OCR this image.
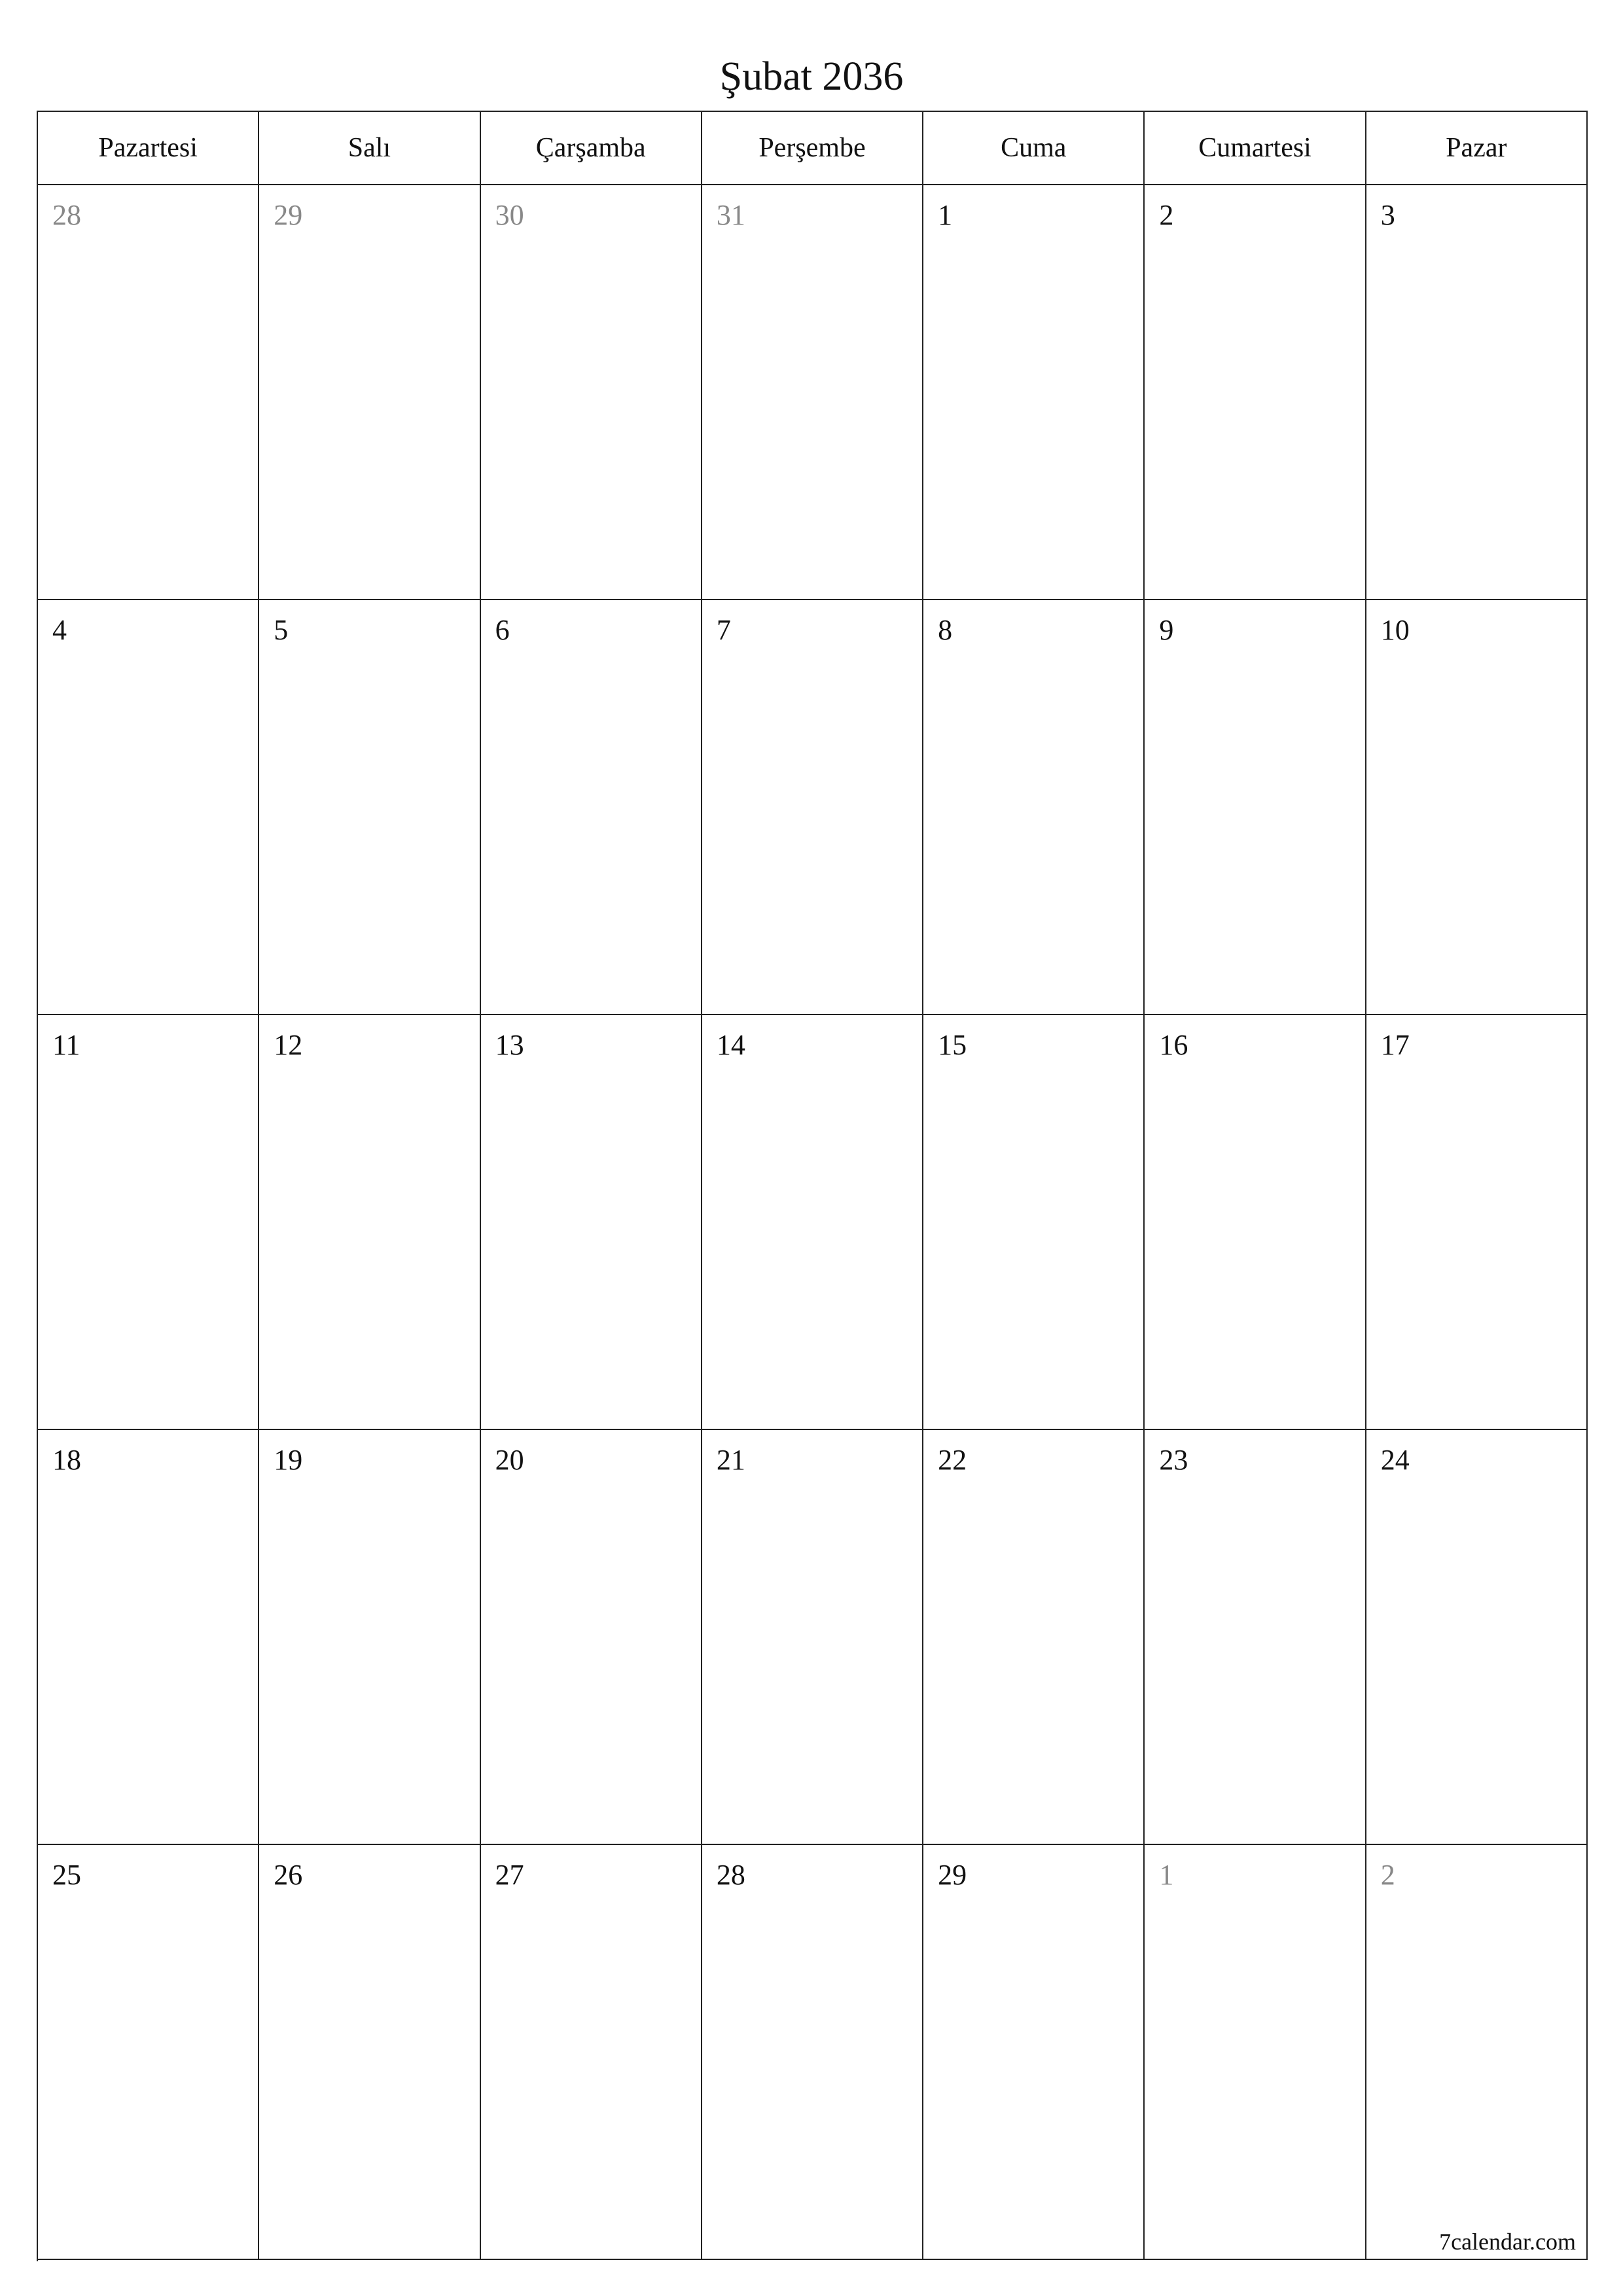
Şubat 2036
Pazartesi	Salı	Çarşamba	Perşembe	Cuma	Cumartesi	Pazar
28	29	30	31	1	2	3
4	5	6	7	8	9	10
11	12	13	14	15	16	17
18	19	20	21	22	23	24
25	26	27	28	29	1	2
7calendar.com
